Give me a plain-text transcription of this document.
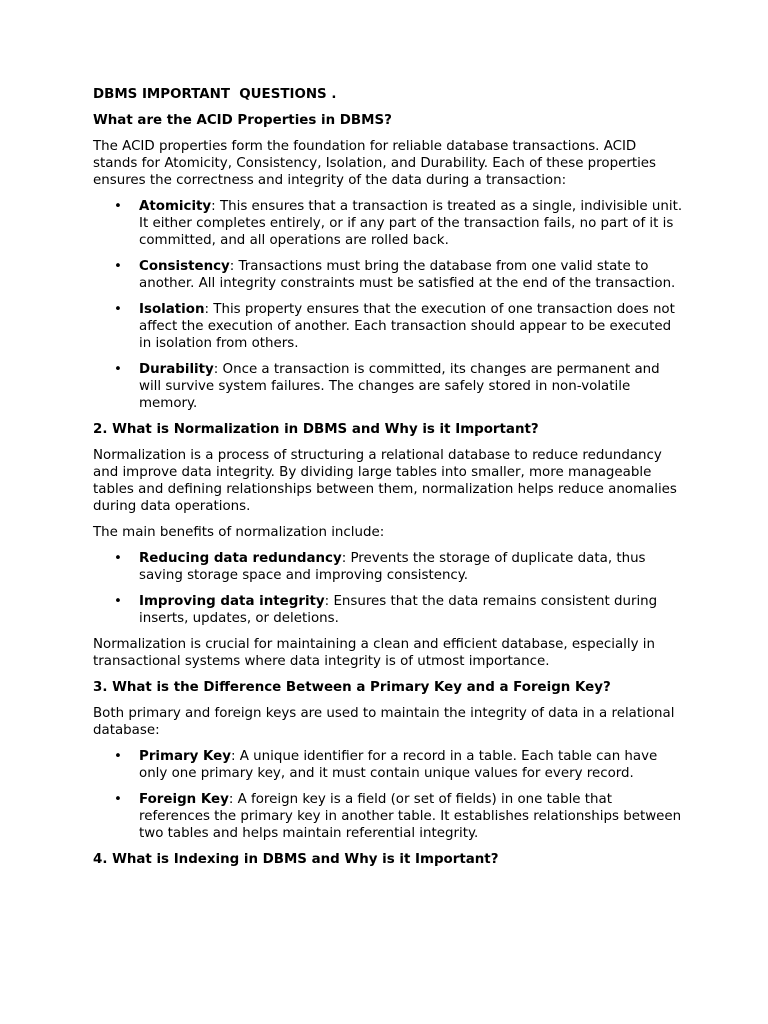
DBMS IMPORTANT  QUESTIONS .
What are the ACID Properties in DBMS?
The ACID properties form the foundation for reliable database transactions. ACID stands for Atomicity, Consistency, Isolation, and Durability. Each of these properties ensures the correctness and integrity of the data during a transaction:
• Atomicity: This ensures that a transaction is treated as a single, indivisible unit. It either completes entirely, or if any part of the transaction fails, no part of it is committed, and all operations are rolled back.
• Consistency: Transactions must bring the database from one valid state to another. All integrity constraints must be satisfied at the end of the transaction.
• Isolation: This property ensures that the execution of one transaction does not affect the execution of another. Each transaction should appear to be executed in isolation from others.
• Durability: Once a transaction is committed, its changes are permanent and will survive system failures. The changes are safely stored in non-volatile memory.
2. What is Normalization in DBMS and Why is it Important?
Normalization is a process of structuring a relational database to reduce redundancy and improve data integrity. By dividing large tables into smaller, more manageable tables and defining relationships between them, normalization helps reduce anomalies during data operations.
The main benefits of normalization include:
• Reducing data redundancy: Prevents the storage of duplicate data, thus saving storage space and improving consistency.
• Improving data integrity: Ensures that the data remains consistent during inserts, updates, or deletions.
Normalization is crucial for maintaining a clean and efficient database, especially in transactional systems where data integrity is of utmost importance.
3. What is the Difference Between a Primary Key and a Foreign Key?
Both primary and foreign keys are used to maintain the integrity of data in a relational database:
• Primary Key: A unique identifier for a record in a table. Each table can have only one primary key, and it must contain unique values for every record.
• Foreign Key: A foreign key is a field (or set of fields) in one table that references the primary key in another table. It establishes relationships between two tables and helps maintain referential integrity.
4. What is Indexing in DBMS and Why is it Important?
